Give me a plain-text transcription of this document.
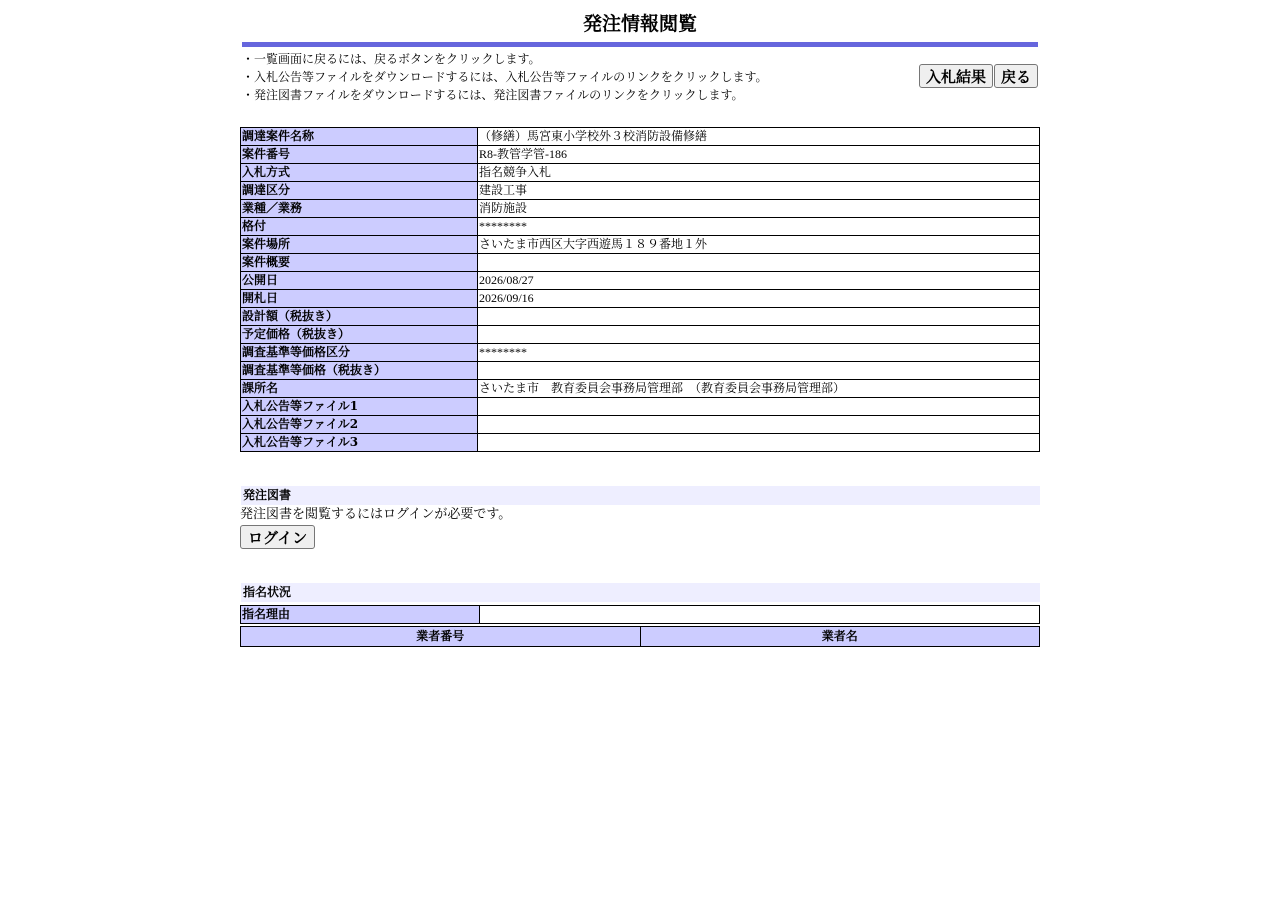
発注情報閲覧
・一覧画面に戻るには、戻るボタンをクリックします。
・入札公告等ファイルをダウンロードするには、入札公告等ファイルのリンクをクリックします。
・発注図書ファイルをダウンロードするには、発注図書ファイルのリンクをクリックします。
入札結果 戻る
調達案件名称	（修繕）馬宮東小学校外３校消防設備修繕
案件番号	R8-教管学管-186
入札方式	指名競争入札
調達区分	建設工事
業種／業務	消防施設
格付	********
案件場所	さいたま市西区大字西遊馬１８９番地１外
案件概要	
公開日	2026/08/27
開札日	2026/09/16
設計額（税抜き）	
予定価格（税抜き）	
調査基準等価格区分	********
調査基準等価格（税抜き）	
課所名	さいたま市　教育委員会事務局管理部　（教育委員会事務局管理部）
入札公告等ファイル1	
入札公告等ファイル2	
入札公告等ファイル3	
発注図書
発注図書を閲覧するにはログインが必要です。
ログイン
指名状況
指名理由	
業者番号	業者名
